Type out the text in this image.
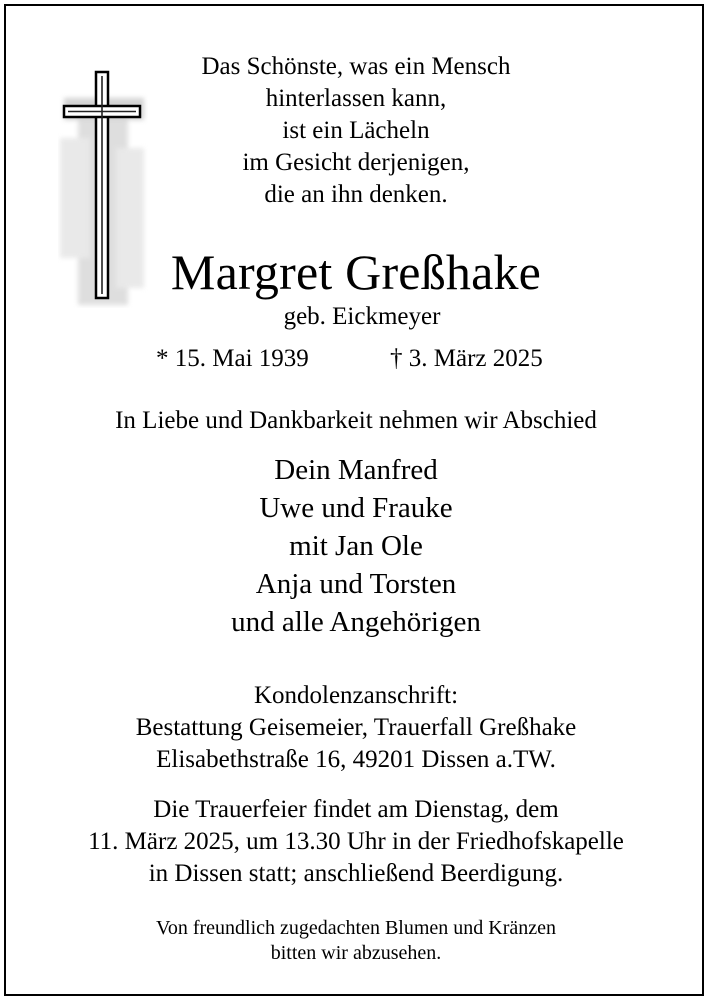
Das Schönste, was ein Mensch
hinterlassen kann,
ist ein Lächeln
im Gesicht derjenigen,
die an ihn denken.
Margret Greßhake
geb. Eickmeyer
* 15. Mai 1939	† 3. März 2025
In Liebe und Dankbarkeit nehmen wir Abschied
Dein Manfred
Uwe und Frauke
mit Jan Ole
Anja und Torsten
und alle Angehörigen
Kondolenzanschrift:
Bestattung Geisemeier, Trauerfall Greßhake
Elisabethstraße 16, 49201 Dissen a.TW.
Die Trauerfeier findet am Dienstag, dem
11. März 2025, um 13.30 Uhr in der Friedhofskapelle
in Dissen statt; anschließend Beerdigung.
Von freundlich zugedachten Blumen und Kränzen
bitten wir abzusehen.
